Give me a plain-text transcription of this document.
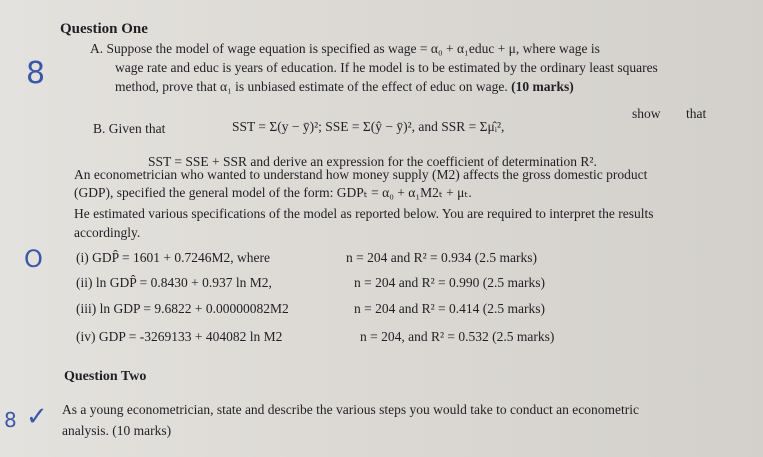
Question One
A. Suppose the model of wage equation is specified as wage = α₀ + α₁educ + μ, where wage is
wage rate and educ is years of education. If he model is to be estimated by the ordinary least squares
method, prove that α₁ is unbiased estimate of the effect of educ on wage. (10 marks)
B. Given that	SST = Σ(y − ȳ)²; SSE = Σ(ŷ − ȳ)², and SSR = Σμ̂ᵢ²,
show that
SST = SSE + SSR and derive an expression for the coefficient of determination R².
An econometrician who wanted to understand how money supply (M2) affects the gross domestic product
(GDP), specified the general model of the form: GDPₜ = α₀ + α₁M2ₜ + μₜ.
He estimated various specifications of the model as reported below. You are required to interpret the results
accordingly.
(i) GDP̂ = 1601 + 0.7246M2, where	n = 204 and R² = 0.934 (2.5 marks)
(ii) ln GDP̂ = 0.8430 + 0.937 ln M2,	n = 204 and R² = 0.990 (2.5 marks)
(iii) ln GDP = 9.6822 + 0.00000082M2	n = 204 and R² = 0.414 (2.5 marks)
(iv) GDP = -3269133 + 404082 ln M2	n = 204, and R² = 0.532 (2.5 marks)
Question Two
As a young econometrician, state and describe the various steps you would take to conduct an econometric
analysis. (10 marks)
8
O
8 ✓
